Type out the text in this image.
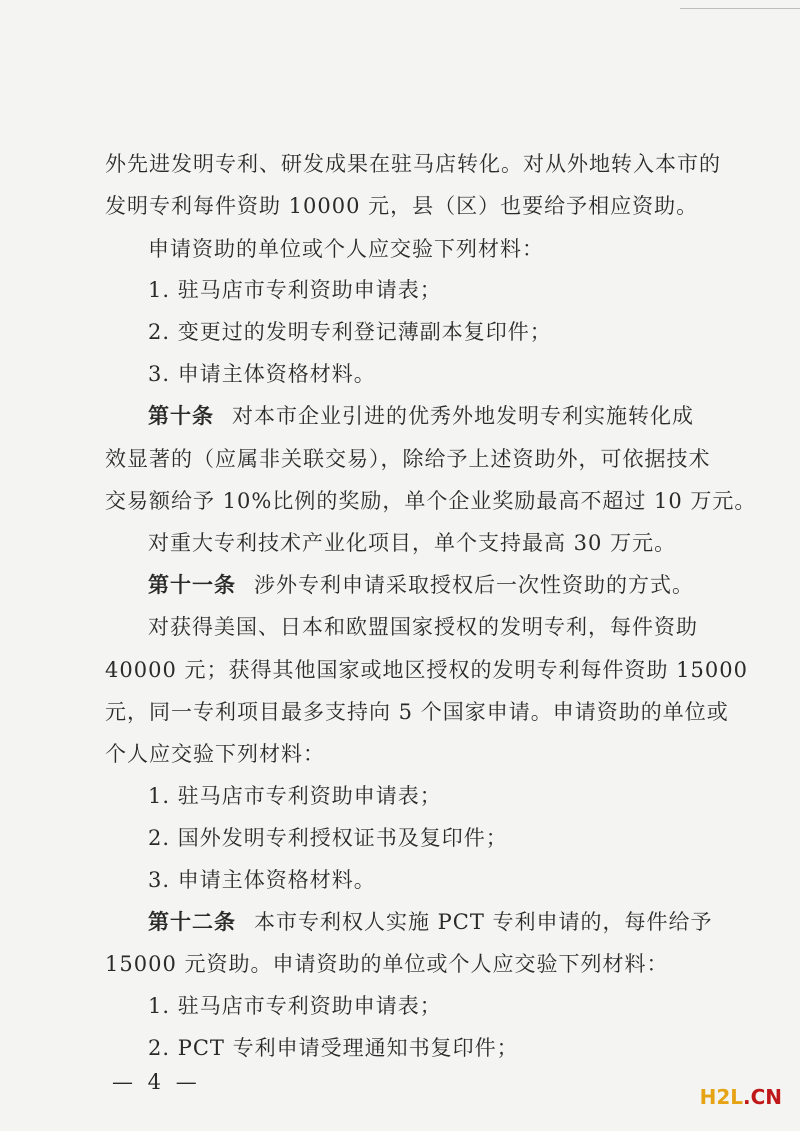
外先进发明专利、研发成果在驻马店转化。对从外地转入本市的
发明专利每件资助 10000 元，县（区）也要给予相应资助。
申请资助的单位或个人应交验下列材料：
1. 驻马店市专利资助申请表；
2. 变更过的发明专利登记薄副本复印件；
3. 申请主体资格材料。
第十条 对本市企业引进的优秀外地发明专利实施转化成
效显著的（应属非关联交易），除给予上述资助外，可依据技术
交易额给予 10%比例的奖励，单个企业奖励最高不超过 10 万元。
对重大专利技术产业化项目，单个支持最高 30 万元。
第十一条 涉外专利申请采取授权后一次性资助的方式。
对获得美国、日本和欧盟国家授权的发明专利，每件资助
40000 元；获得其他国家或地区授权的发明专利每件资助 15000
元，同一专利项目最多支持向 5 个国家申请。申请资助的单位或
个人应交验下列材料：
1. 驻马店市专利资助申请表；
2. 国外发明专利授权证书及复印件；
3. 申请主体资格材料。
第十二条 本市专利权人实施 PCT 专利申请的，每件给予
15000 元资助。申请资助的单位或个人应交验下列材料：
1. 驻马店市专利资助申请表；
2. PCT 专利申请受理通知书复印件；
— 4 —
H2L.CN
